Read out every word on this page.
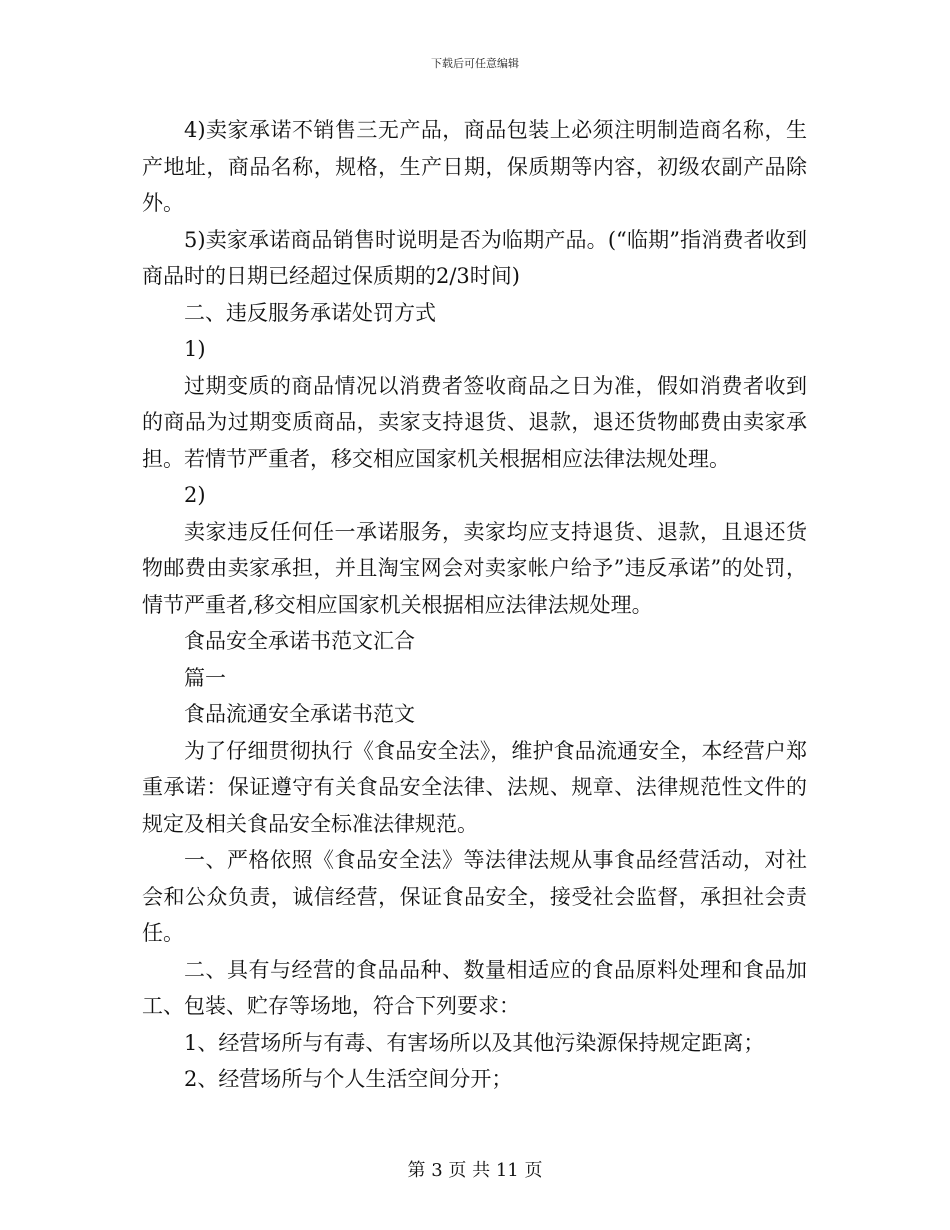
下载后可任意编辑

4)卖家承诺不销售三无产品，商品包装上必须注明制造商名称，生产地址，商品名称，规格，生产日期，保质期等内容，初级农副产品除外。

5)卖家承诺商品销售时说明是否为临期产品。(“临期”指消费者收到商品时的日期已经超过保质期的2/3时间)

二、违反服务承诺处罚方式

1)

过期变质的商品情况以消费者签收商品之日为准，假如消费者收到的商品为过期变质商品，卖家支持退货、退款，退还货物邮费由卖家承担。若情节严重者，移交相应国家机关根据相应法律法规处理。

2)

卖家违反任何任一承诺服务，卖家均应支持退货、退款，且退还货物邮费由卖家承担，并且淘宝网会对卖家帐户给予”违反承诺”的处罚，情节严重者,移交相应国家机关根据相应法律法规处理。

食品安全承诺书范文汇合

篇一

食品流通安全承诺书范文

为了仔细贯彻执行《食品安全法》，维护食品流通安全，本经营户郑重承诺：保证遵守有关食品安全法律、法规、规章、法律规范性文件的规定及相关食品安全标准法律规范。

一、严格依照《食品安全法》等法律法规从事食品经营活动，对社会和公众负责，诚信经营，保证食品安全，接受社会监督，承担社会责任。

二、具有与经营的食品品种、数量相适应的食品原料处理和食品加工、包装、贮存等场地，符合下列要求：

1、经营场所与有毒、有害场所以及其他污染源保持规定距离；

2、经营场所与个人生活空间分开；

第 3 页 共 11 页
